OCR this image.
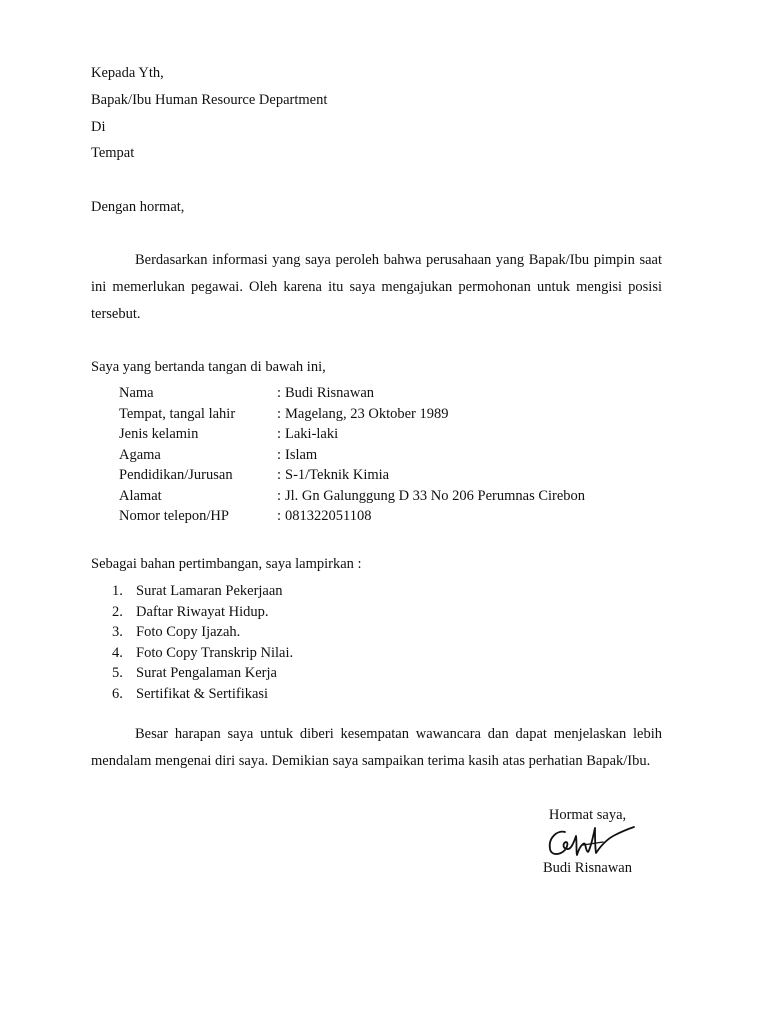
Kepada Yth,
Bapak/Ibu Human Resource Department
Di
Tempat
Dengan hormat,
Berdasarkan informasi yang saya peroleh bahwa perusahaan yang Bapak/Ibu pimpin saat ini memerlukan pegawai. Oleh karena itu saya mengajukan permohonan untuk mengisi posisi tersebut.
Saya yang bertanda tangan di bawah ini,
Nama	: Budi Risnawan
Tempat, tangal lahir	: Magelang, 23 Oktober 1989
Jenis kelamin	: Laki-laki
Agama	: Islam
Pendidikan/Jurusan	: S-1/Teknik Kimia
Alamat	: Jl. Gn Galunggung D 33 No 206 Perumnas Cirebon
Nomor telepon/HP	: 081322051108
Sebagai bahan pertimbangan, saya lampirkan :
1. Surat Lamaran Pekerjaan
2. Daftar Riwayat Hidup.
3. Foto Copy Ijazah.
4. Foto Copy Transkrip Nilai.
5. Surat Pengalaman Kerja
6. Sertifikat & Sertifikasi
Besar harapan saya untuk diberi kesempatan wawancara dan dapat menjelaskan lebih mendalam mengenai diri saya. Demikian saya sampaikan terima kasih atas perhatian Bapak/Ibu.
Hormat saya,
Budi Risnawan
